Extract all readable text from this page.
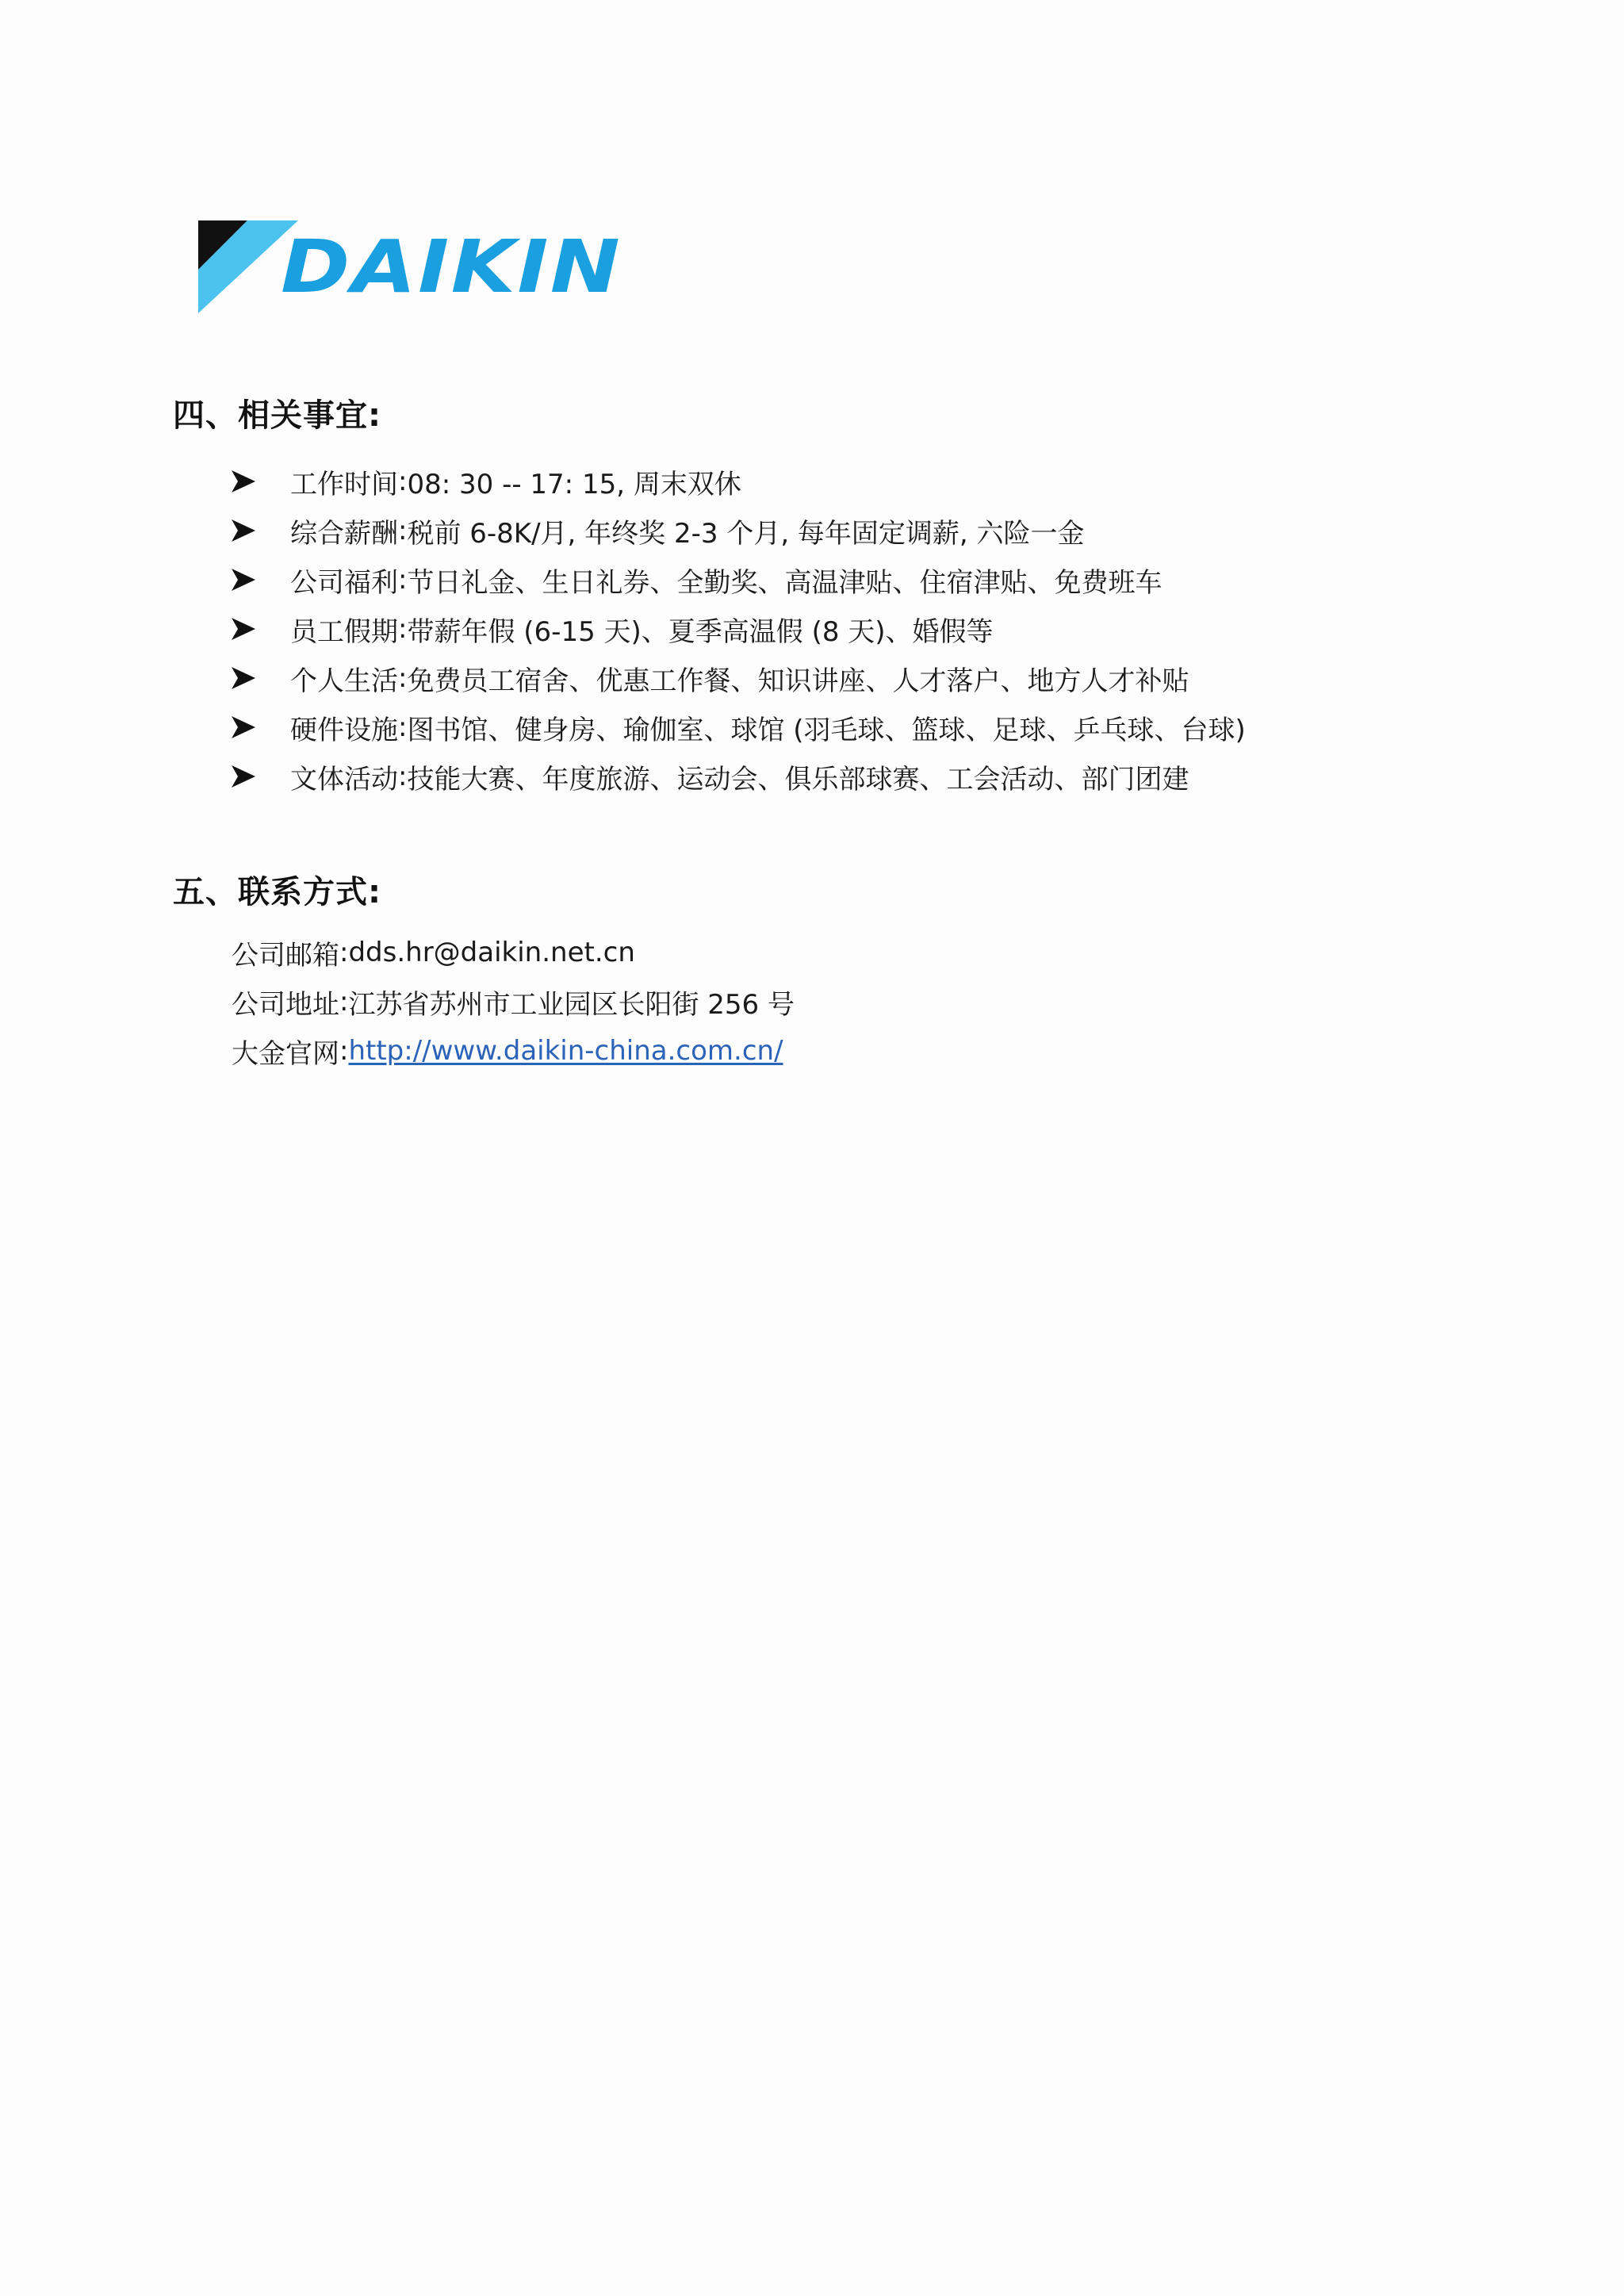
DAIKIN
四、相关事宜:
工作时间 : 08: 30 -- 17: 15, 周末双休
综合薪酬 : 税前 6-8K/月, 年终奖 2-3 个月, 每年固定调薪, 六险一金
公司福利 : 节日礼金、生日礼券、全勤奖、高温津贴、住宿津贴、免费班车
员工假期 : 带薪年假 (6-15 天)、夏季高温假 (8 天)、婚假等
个人生活 : 免费员工宿舍、优惠工作餐、知识讲座、人才落户、地方人才补贴
硬件设施 : 图书馆、健身房、瑜伽室、球馆 (羽毛球、篮球、足球、乒乓球、台球)
文体活动 : 技能大赛、年度旅游、运动会、俱乐部球赛、工会活动、部门团建
五、联系方式:
公司邮箱 : dds.hr@daikin.net.cn
公司地址 : 江苏省苏州市工业园区长阳街 256 号
大金官网 : http://www.daikin-china.com.cn/
